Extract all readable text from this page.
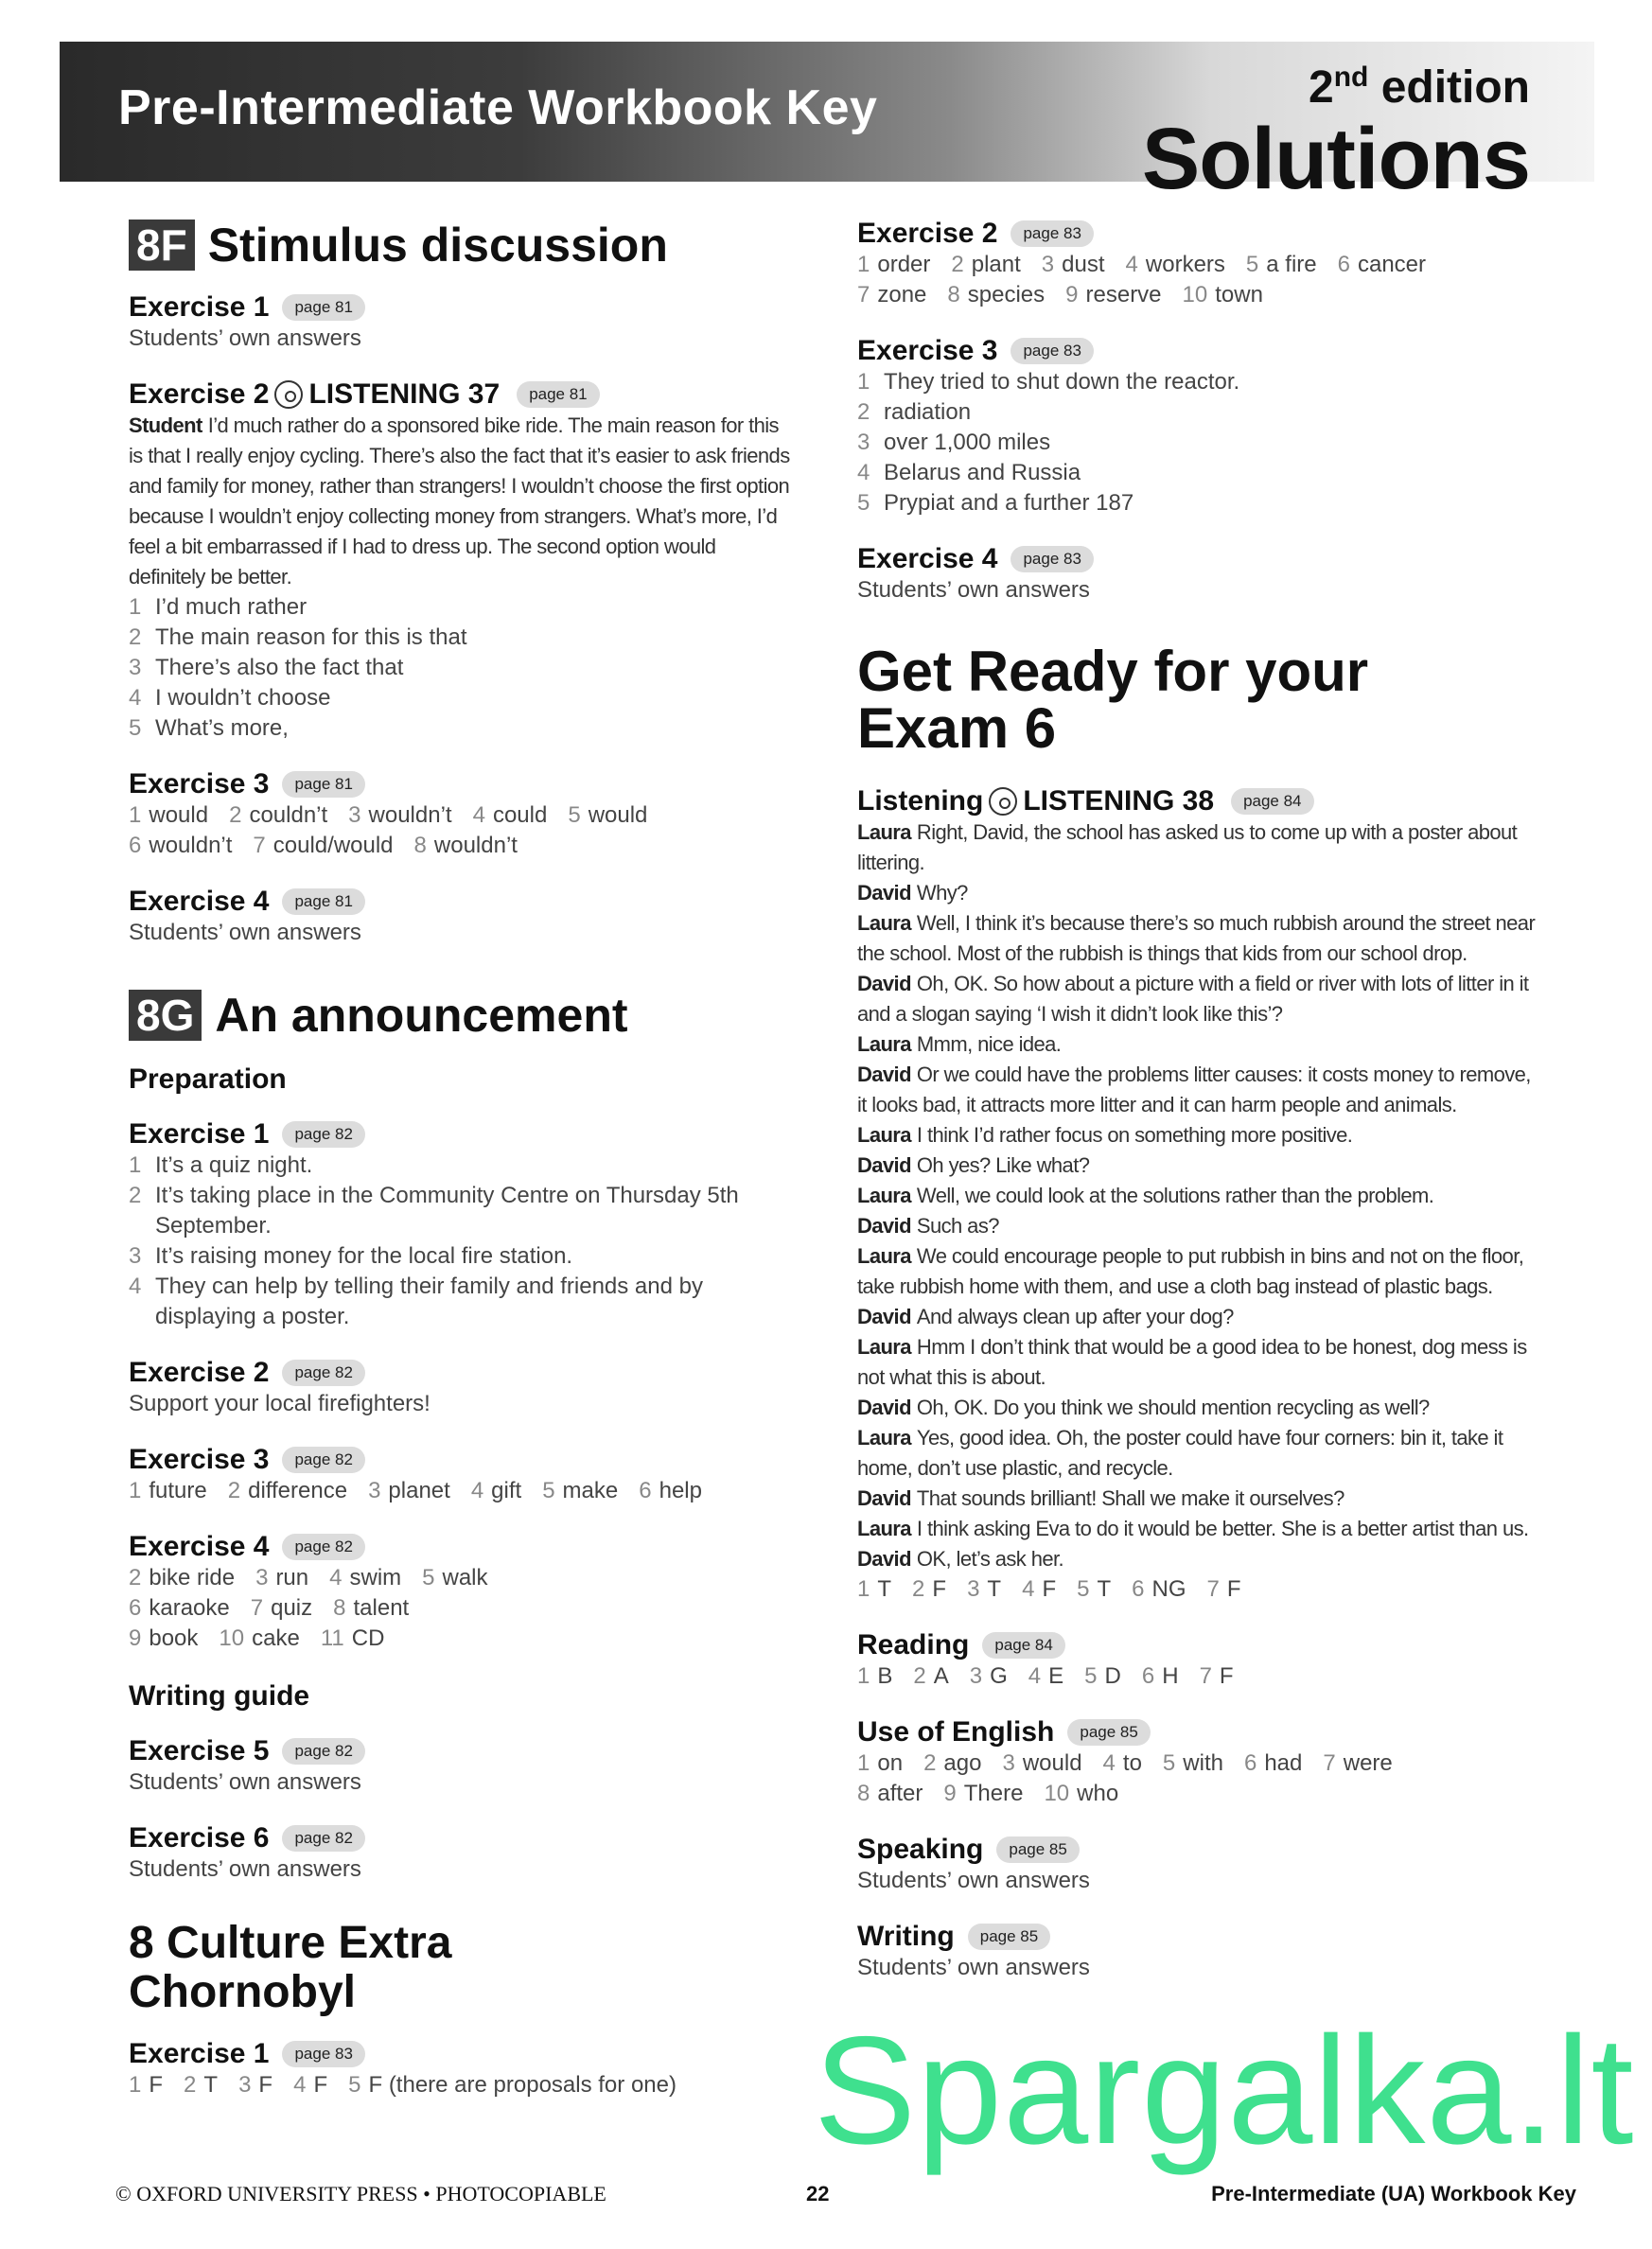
Pre-Intermediate Workbook Key	2nd edition
Solutions
8F Stimulus discussion
Exercise 1	page 81
Students’ own answers
Exercise 2 LISTENING 37	page 81
Student I’d much rather do a sponsored bike ride. The main reason for this is that I really enjoy cycling. There’s also the fact that it’s easier to ask friends and family for money, rather than strangers! I wouldn’t choose the first option because I wouldn’t enjoy collecting money from strangers. What’s more, I’d feel a bit embarrassed if I had to dress up. The second option would definitely be better.
1 I’d much rather
2 The main reason for this is that
3 There’s also the fact that
4 I wouldn’t choose
5 What’s more,
Exercise 3	page 81
1 would 2 couldn’t 3 wouldn’t 4 could 5 would
6 wouldn’t 7 could/would 8 wouldn’t
Exercise 4	page 81
Students’ own answers
8G An announcement
Preparation
Exercise 1	page 82
1 It’s a quiz night.
2 It’s taking place in the Community Centre on Thursday 5th September.
3 It’s raising money for the local fire station.
4 They can help by telling their family and friends and by displaying a poster.
Exercise 2	page 82
Support your local firefighters!
Exercise 3	page 82
1 future 2 difference 3 planet 4 gift 5 make 6 help
Exercise 4	page 82
2 bike ride 3 run 4 swim 5 walk
6 karaoke 7 quiz 8 talent
9 book 10 cake 11 CD
Writing guide
Exercise 5	page 82
Students’ own answers
Exercise 6	page 82
Students’ own answers
8 Culture Extra
Chornobyl
Exercise 1	page 83
1 F 2 T 3 F 4 F 5 F (there are proposals for one)
Exercise 2	page 83
1 order 2 plant 3 dust 4 workers 5 a fire 6 cancer
7 zone 8 species 9 reserve 10 town
Exercise 3	page 83
1 They tried to shut down the reactor.
2 radiation
3 over 1,000 miles
4 Belarus and Russia
5 Prypiat and a further 187
Exercise 4	page 83
Students’ own answers
Get Ready for your
Exam 6
Listening LISTENING 38	page 84
Laura Right, David, the school has asked us to come up with a poster about littering.
David Why?
Laura Well, I think it’s because there’s so much rubbish around the street near the school. Most of the rubbish is things that kids from our school drop.
David Oh, OK. So how about a picture with a field or river with lots of litter in it and a slogan saying ‘I wish it didn’t look like this’?
Laura Mmm, nice idea.
David Or we could have the problems litter causes: it costs money to remove, it looks bad, it attracts more litter and it can harm people and animals.
Laura I think I’d rather focus on something more positive.
David Oh yes? Like what?
Laura Well, we could look at the solutions rather than the problem.
David Such as?
Laura We could encourage people to put rubbish in bins and not on the floor, take rubbish home with them, and use a cloth bag instead of plastic bags.
David And always clean up after your dog?
Laura Hmm I don’t think that would be a good idea to be honest, dog mess is not what this is about.
David Oh, OK. Do you think we should mention recycling as well?
Laura Yes, good idea. Oh, the poster could have four corners: bin it, take it home, don’t use plastic, and recycle.
David That sounds brilliant! Shall we make it ourselves?
Laura I think asking Eva to do it would be better. She is a better artist than us.
David OK, let’s ask her.
1 T 2 F 3 T 4 F 5 T 6 NG 7 F
Reading	page 84
1 B 2 A 3 G 4 E 5 D 6 H 7 F
Use of English	page 85
1 on 2 ago 3 would 4 to 5 with 6 had 7 were
8 after 9 There 10 who
Speaking	page 85
Students’ own answers
Writing	page 85
Students’ own answers
Spargalka.lt
© OXFORD UNIVERSITY PRESS • PHOTOCOPIABLE	22	Pre-Intermediate (UA) Workbook Key
